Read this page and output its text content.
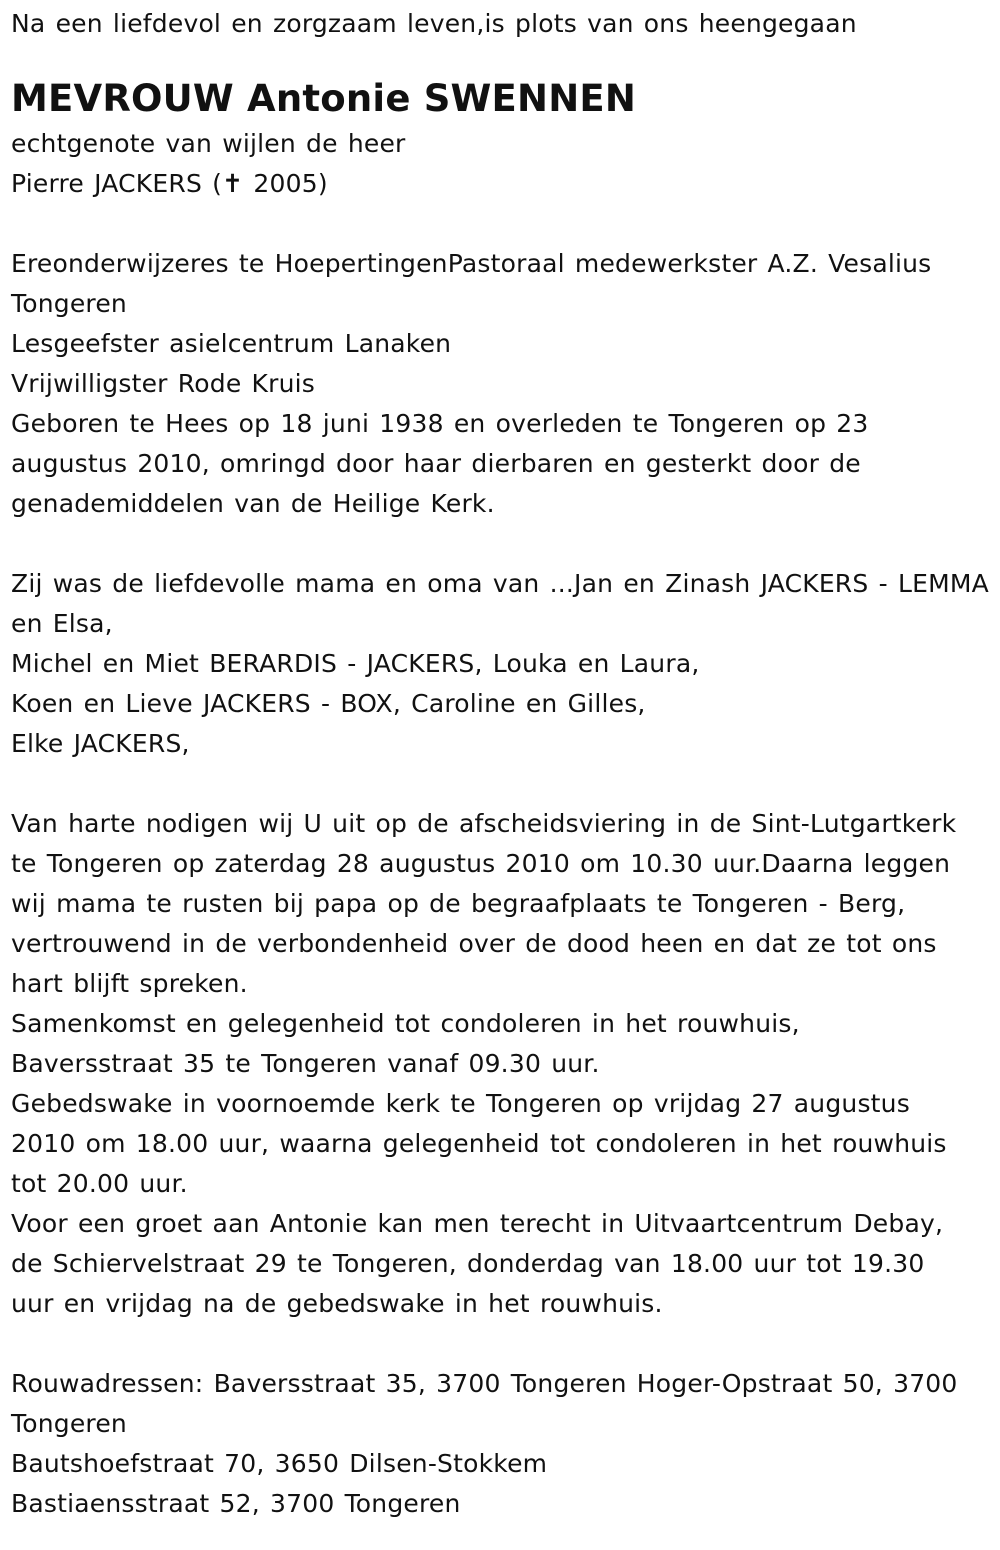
Na een liefdevol en zorgzaam leven,is plots van ons heengegaan
MEVROUW Antonie SWENNEN
echtgenote van wijlen de heer
Pierre JACKERS (✝ 2005)
Ereonderwijzeres te HoepertingenPastoraal medewerkster A.Z. Vesalius
Tongeren
Lesgeefster asielcentrum Lanaken
Vrijwilligster Rode Kruis
Geboren te Hees op 18 juni 1938 en overleden te Tongeren op 23
augustus 2010, omringd door haar dierbaren en gesterkt door de
genademiddelen van de Heilige Kerk.
Zij was de liefdevolle mama en oma van ...Jan en Zinash JACKERS - LEMMA
en Elsa,
Michel en Miet BERARDIS - JACKERS, Louka en Laura,
Koen en Lieve JACKERS - BOX, Caroline en Gilles,
Elke JACKERS,
Van harte nodigen wij U uit op de afscheidsviering in de Sint-Lutgartkerk
te Tongeren op zaterdag 28 augustus 2010 om 10.30 uur.Daarna leggen
wij mama te rusten bij papa op de begraafplaats te Tongeren - Berg,
vertrouwend in de verbondenheid over de dood heen en dat ze tot ons
hart blijft spreken.
Samenkomst en gelegenheid tot condoleren in het rouwhuis,
Baversstraat 35 te Tongeren vanaf 09.30 uur.
Gebedswake in voornoemde kerk te Tongeren op vrijdag 27 augustus
2010 om 18.00 uur, waarna gelegenheid tot condoleren in het rouwhuis
tot 20.00 uur.
Voor een groet aan Antonie kan men terecht in Uitvaartcentrum Debay,
de Schiervelstraat 29 te Tongeren, donderdag van 18.00 uur tot 19.30
uur en vrijdag na de gebedswake in het rouwhuis.
Rouwadressen: Baversstraat 35, 3700 Tongeren Hoger-Opstraat 50, 3700
Tongeren
Bautshoefstraat 70, 3650 Dilsen-Stokkem
Bastiaensstraat 52, 3700 Tongeren
